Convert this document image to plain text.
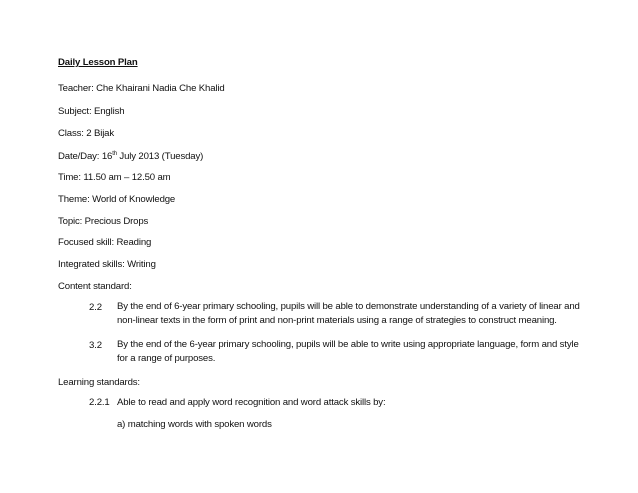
Daily Lesson Plan
Teacher: Che Khairani Nadia Che Khalid
Subject: English
Class: 2 Bijak
Date/Day: 16th July 2013 (Tuesday)
Time: 11.50 am – 12.50 am
Theme: World of Knowledge
Topic: Precious Drops
Focused skill: Reading
Integrated skills: Writing
Content standard:
2.2 By the end of 6-year primary schooling, pupils will be able to demonstrate understanding of a variety of linear and non-linear texts in the form of print and non-print materials using a range of strategies to construct meaning.
3.2 By the end of the 6-year primary schooling, pupils will be able to write using appropriate language, form and style for a range of purposes.
Learning standards:
2.2.1 Able to read and apply word recognition and word attack skills by:
a) matching words with spoken words
